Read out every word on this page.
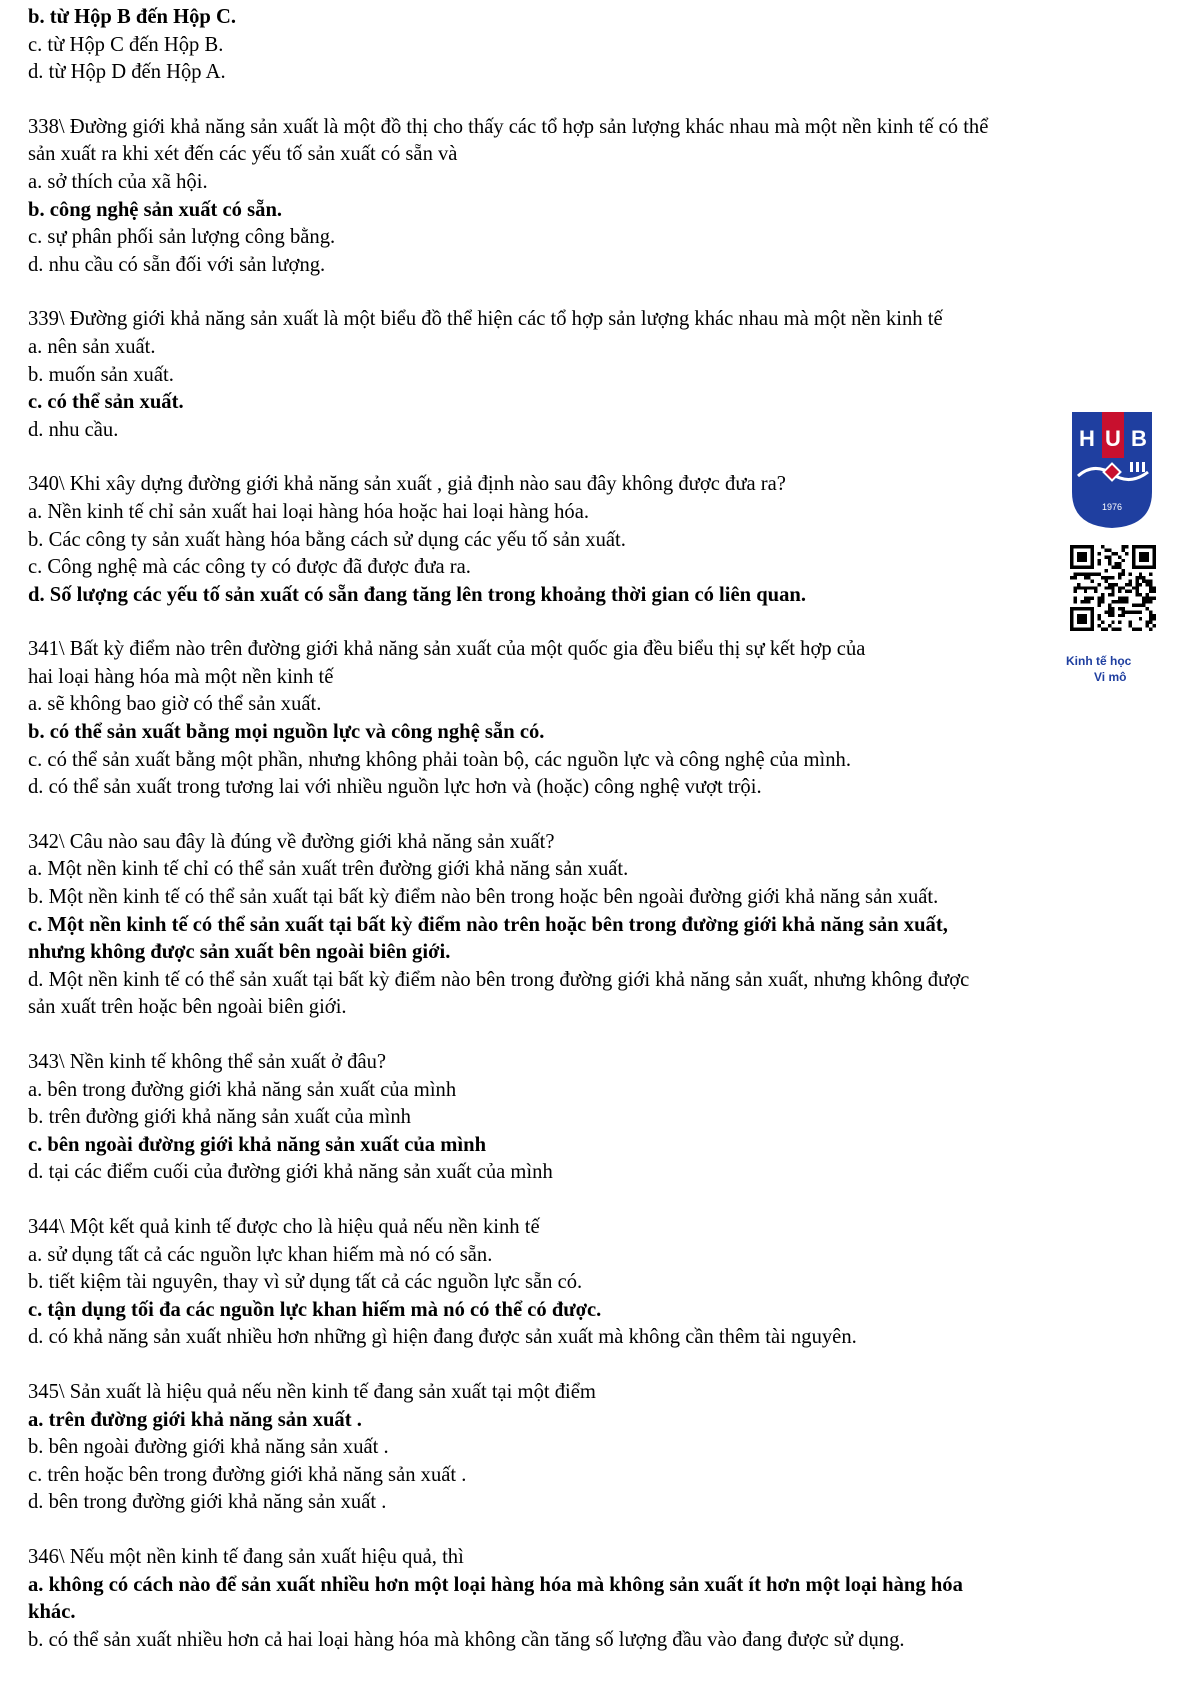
b. từ Hộp B đến Hộp C.
c. từ Hộp C đến Hộp B.
d. từ Hộp D đến Hộp A.
338\ Đường giới khả năng sản xuất là một đồ thị cho thấy các tổ hợp sản lượng khác nhau mà một nền kinh tế có thể
sản xuất ra khi xét đến các yếu tố sản xuất có sẵn và
a. sở thích của xã hội.
b. công nghệ sản xuất có sẵn.
c. sự phân phối sản lượng công bằng.
d. nhu cầu có sẵn đối với sản lượng.
339\ Đường giới khả năng sản xuất là một biểu đồ thể hiện các tổ hợp sản lượng khác nhau mà một nền kinh tế
a. nên sản xuất.
b. muốn sản xuất.
c. có thể sản xuất.
d. nhu cầu.
340\ Khi xây dựng đường giới khả năng sản xuất , giả định nào sau đây không được đưa ra?
a. Nền kinh tế chỉ sản xuất hai loại hàng hóa hoặc hai loại hàng hóa.
b. Các công ty sản xuất hàng hóa bằng cách sử dụng các yếu tố sản xuất.
c. Công nghệ mà các công ty có được đã được đưa ra.
d. Số lượng các yếu tố sản xuất có sẵn đang tăng lên trong khoảng thời gian có liên quan.
341\ Bất kỳ điểm nào trên đường giới khả năng sản xuất của một quốc gia đều biểu thị sự kết hợp của
hai loại hàng hóa mà một nền kinh tế
a. sẽ không bao giờ có thể sản xuất.
b. có thể sản xuất bằng mọi nguồn lực và công nghệ sẵn có.
c. có thể sản xuất bằng một phần, nhưng không phải toàn bộ, các nguồn lực và công nghệ của mình.
d. có thể sản xuất trong tương lai với nhiều nguồn lực hơn và (hoặc) công nghệ vượt trội.
342\ Câu nào sau đây là đúng về đường giới khả năng sản xuất?
a. Một nền kinh tế chỉ có thể sản xuất trên đường giới khả năng sản xuất.
b. Một nền kinh tế có thể sản xuất tại bất kỳ điểm nào bên trong hoặc bên ngoài đường giới khả năng sản xuất.
c. Một nền kinh tế có thể sản xuất tại bất kỳ điểm nào trên hoặc bên trong đường giới khả năng sản xuất,
nhưng không được sản xuất bên ngoài biên giới.
d. Một nền kinh tế có thể sản xuất tại bất kỳ điểm nào bên trong đường giới khả năng sản xuất, nhưng không được
sản xuất trên hoặc bên ngoài biên giới.
343\ Nền kinh tế không thể sản xuất ở đâu?
a. bên trong đường giới khả năng sản xuất của mình
b. trên đường giới khả năng sản xuất của mình
c. bên ngoài đường giới khả năng sản xuất của mình
d. tại các điểm cuối của đường giới khả năng sản xuất của mình
344\ Một kết quả kinh tế được cho là hiệu quả nếu nền kinh tế
a. sử dụng tất cả các nguồn lực khan hiếm mà nó có sẵn.
b. tiết kiệm tài nguyên, thay vì sử dụng tất cả các nguồn lực sẵn có.
c. tận dụng tối đa các nguồn lực khan hiếm mà nó có thể có được.
d. có khả năng sản xuất nhiều hơn những gì hiện đang được sản xuất mà không cần thêm tài nguyên.
345\ Sản xuất là hiệu quả nếu nền kinh tế đang sản xuất tại một điểm
a. trên đường giới khả năng sản xuất .
b. bên ngoài đường giới khả năng sản xuất .
c. trên hoặc bên trong đường giới khả năng sản xuất .
d. bên trong đường giới khả năng sản xuất .
346\ Nếu một nền kinh tế đang sản xuất hiệu quả, thì
a. không có cách nào để sản xuất nhiều hơn một loại hàng hóa mà không sản xuất ít hơn một loại hàng hóa
khác.
b. có thể sản xuất nhiều hơn cả hai loại hàng hóa mà không cần tăng số lượng đầu vào đang được sử dụng.
H U B
1976
Kinh tế học
Vi mô
